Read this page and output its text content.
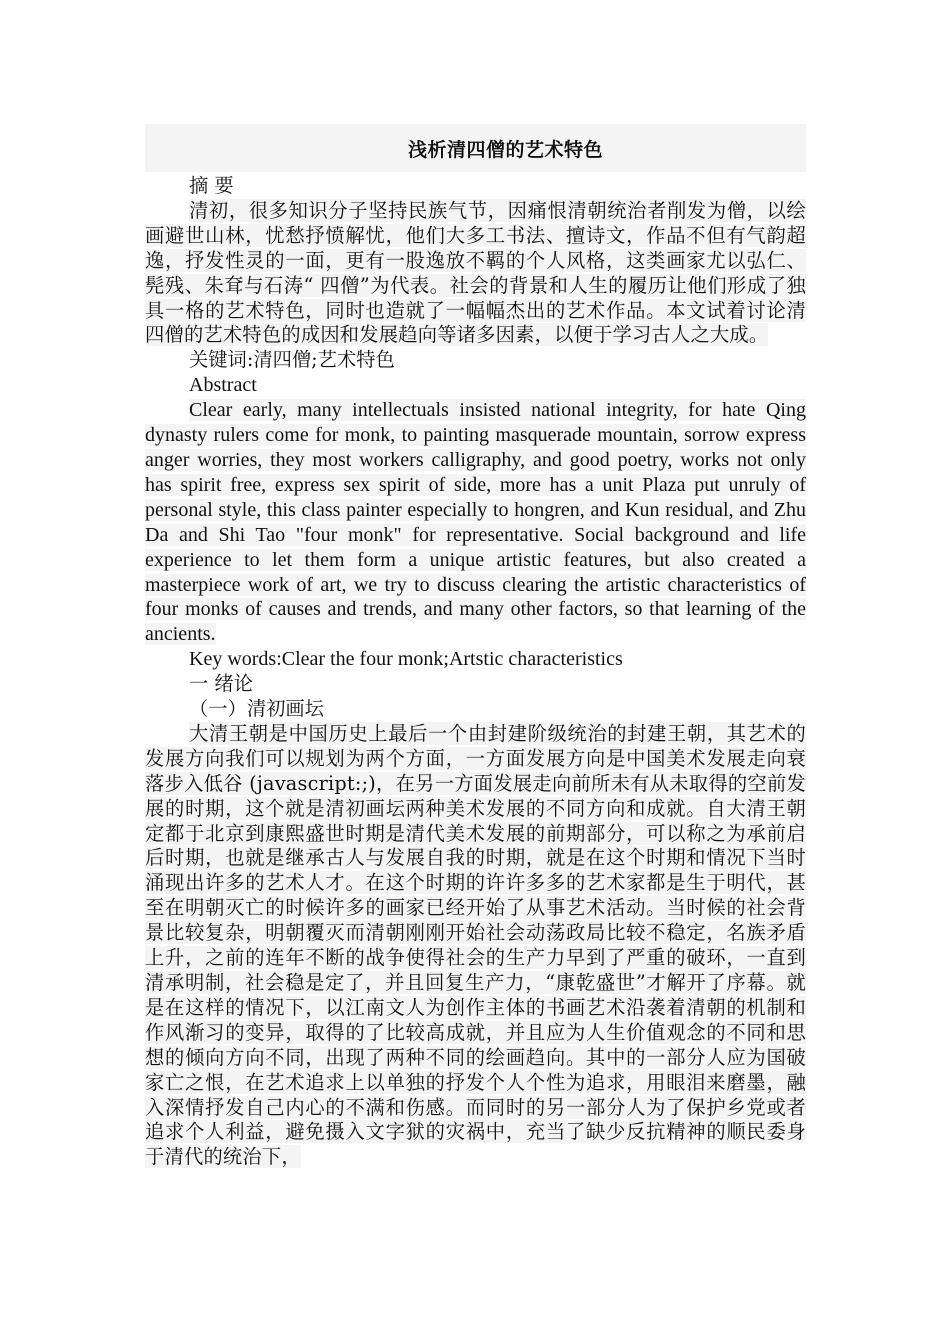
浅析清四僧的艺术特色

摘 要

清初，很多知识分子坚持民族气节，因痛恨清朝统治者削发为僧，以绘画避世山林，忧愁抒愤解忧，他们大多工书法、擅诗文，作品不但有气韵超逸，抒发性灵的一面，更有一股逸放不羁的个人风格，这类画家尤以弘仁、髡残、朱耷与石涛“ 四僧”为代表。社会的背景和人生的履历让他们形成了独具一格的艺术特色，同时也造就了一幅幅杰出的艺术作品。本文试着讨论清四僧的艺术特色的成因和发展趋向等诸多因素，以便于学习古人之大成。

关键词:清四僧;艺术特色

Abstract

Clear early, many intellectuals insisted national integrity, for hate Qing dynasty rulers come for monk, to painting masquerade mountain, sorrow express anger worries, they most workers calligraphy, and good poetry, works not only has spirit free, express sex spirit of side, more has a unit Plaza put unruly of personal style, this class painter especially to hongren, and Kun residual, and Zhu Da and Shi Tao "four monk" for representative. Social background and life experience to let them form a unique artistic features, but also created a masterpiece work of art, we try to discuss clearing the artistic characteristics of four monks of causes and trends, and many other factors, so that learning of the ancients.

Key words:Clear the four monk;Artstic characteristics

一 绪论

（一）清初画坛

大清王朝是中国历史上最后一个由封建阶级统治的封建王朝，其艺术的发展方向我们可以规划为两个方面，一方面发展方向是中国美术发展走向衰落步入低谷 (javascript:;)，在另一方面发展走向前所未有从未取得的空前发展的时期，这个就是清初画坛两种美术发展的不同方向和成就。自大清王朝定都于北京到康熙盛世时期是清代美术发展的前期部分，可以称之为承前启后时期，也就是继承古人与发展自我的时期，就是在这个时期和情况下当时涌现出许多的艺术人才。在这个时期的许许多多的艺术家都是生于明代，甚至在明朝灭亡的时候许多的画家已经开始了从事艺术活动。当时候的社会背景比较复杂，明朝覆灭而清朝刚刚开始社会动荡政局比较不稳定，名族矛盾上升，之前的连年不断的战争使得社会的生产力早到了严重的破环，一直到清承明制，社会稳是定了，并且回复生产力，“康乾盛世”才解开了序幕。就是在这样的情况下，以江南文人为创作主体的书画艺术沿袭着清朝的机制和作风渐习的变异，取得的了比较高成就，并且应为人生价值观念的不同和思想的倾向方向不同，出现了两种不同的绘画趋向。其中的一部分人应为国破家亡之恨，在艺术追求上以单独的抒发个人个性为追求，用眼泪来磨墨，融入深情抒发自己内心的不满和伤感。而同时的另一部分人为了保护乡党或者追求个人利益，避免摄入文字狱的灾祸中，充当了缺少反抗精神的顺民委身于清代的统治下，
